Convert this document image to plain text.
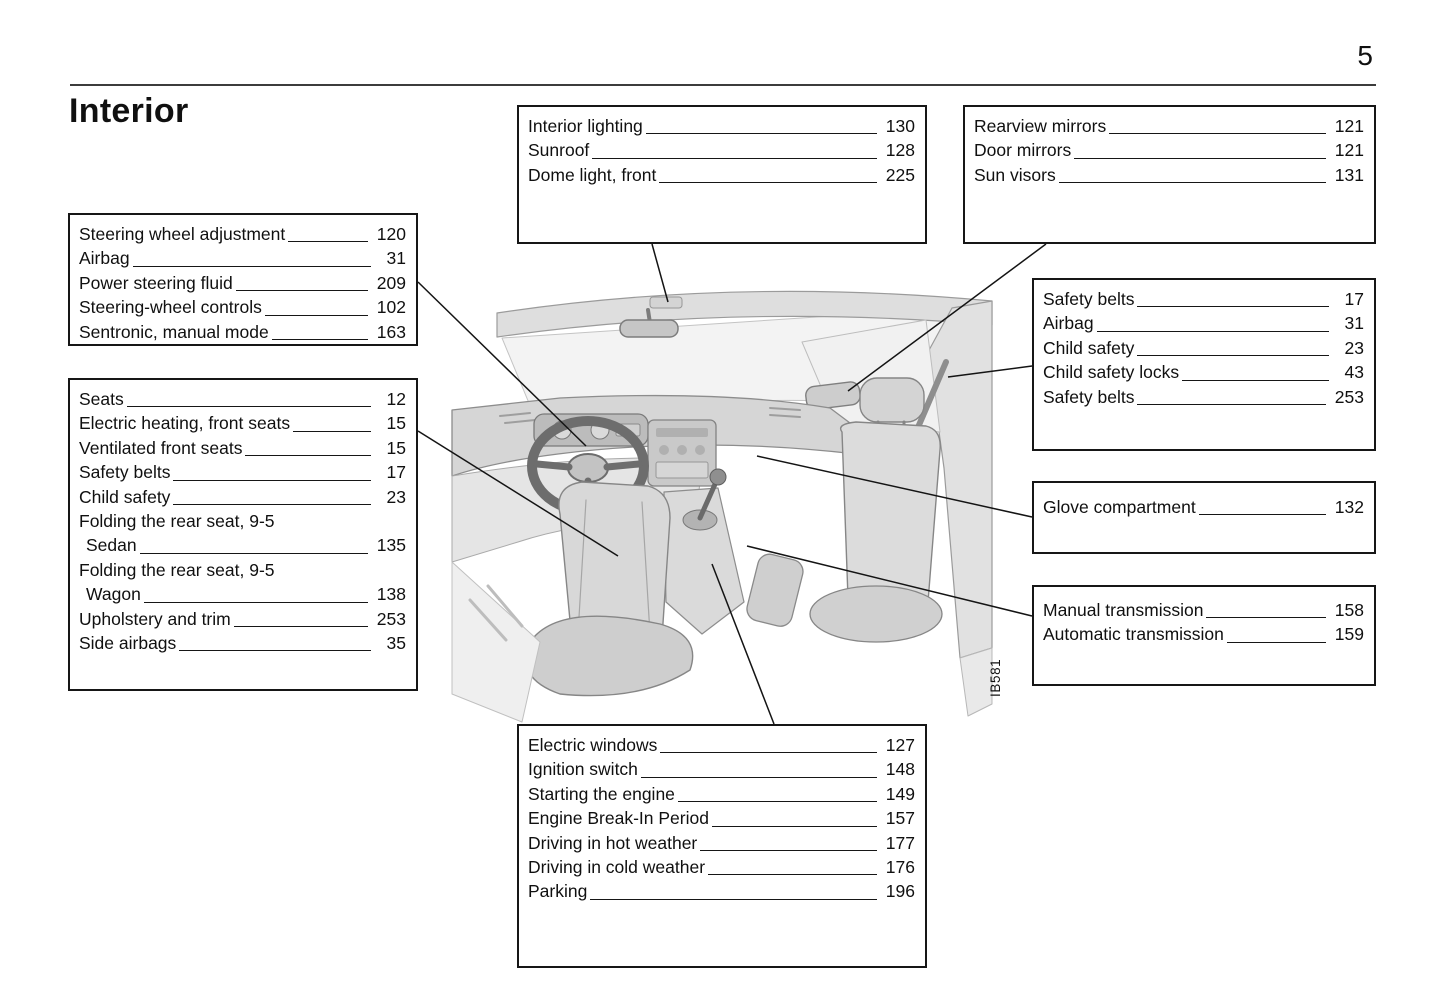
5
Interior	Interior lighting	130
Sunroof	128
Dome light, front	225
Rearview mirrors	121
Door mirrors	121
Sun visors	131
Steering wheel adjustment	120
Airbag	31
Power steering fluid	209
Steering-wheel controls	102
Sentronic, manual mode	163
Seats	12
Electric heating, front seats	15
Ventilated front seats	15
Safety belts	17
Child safety	23
Folding the rear seat, 9-5
Sedan	135
Folding the rear seat, 9-5
Wagon	138
Upholstery and trim	253
Side airbags	35
Safety belts	17
Airbag	31
Child safety	23
Child safety locks	43
Safety belts	253
Glove compartment	132
Manual transmission	158
Automatic transmission	159
Electric windows	127
Ignition switch	148
Starting the engine	149
Engine Break-In Period	157
Driving in hot weather	177
Driving in cold weather	176
Parking	196
IB581
